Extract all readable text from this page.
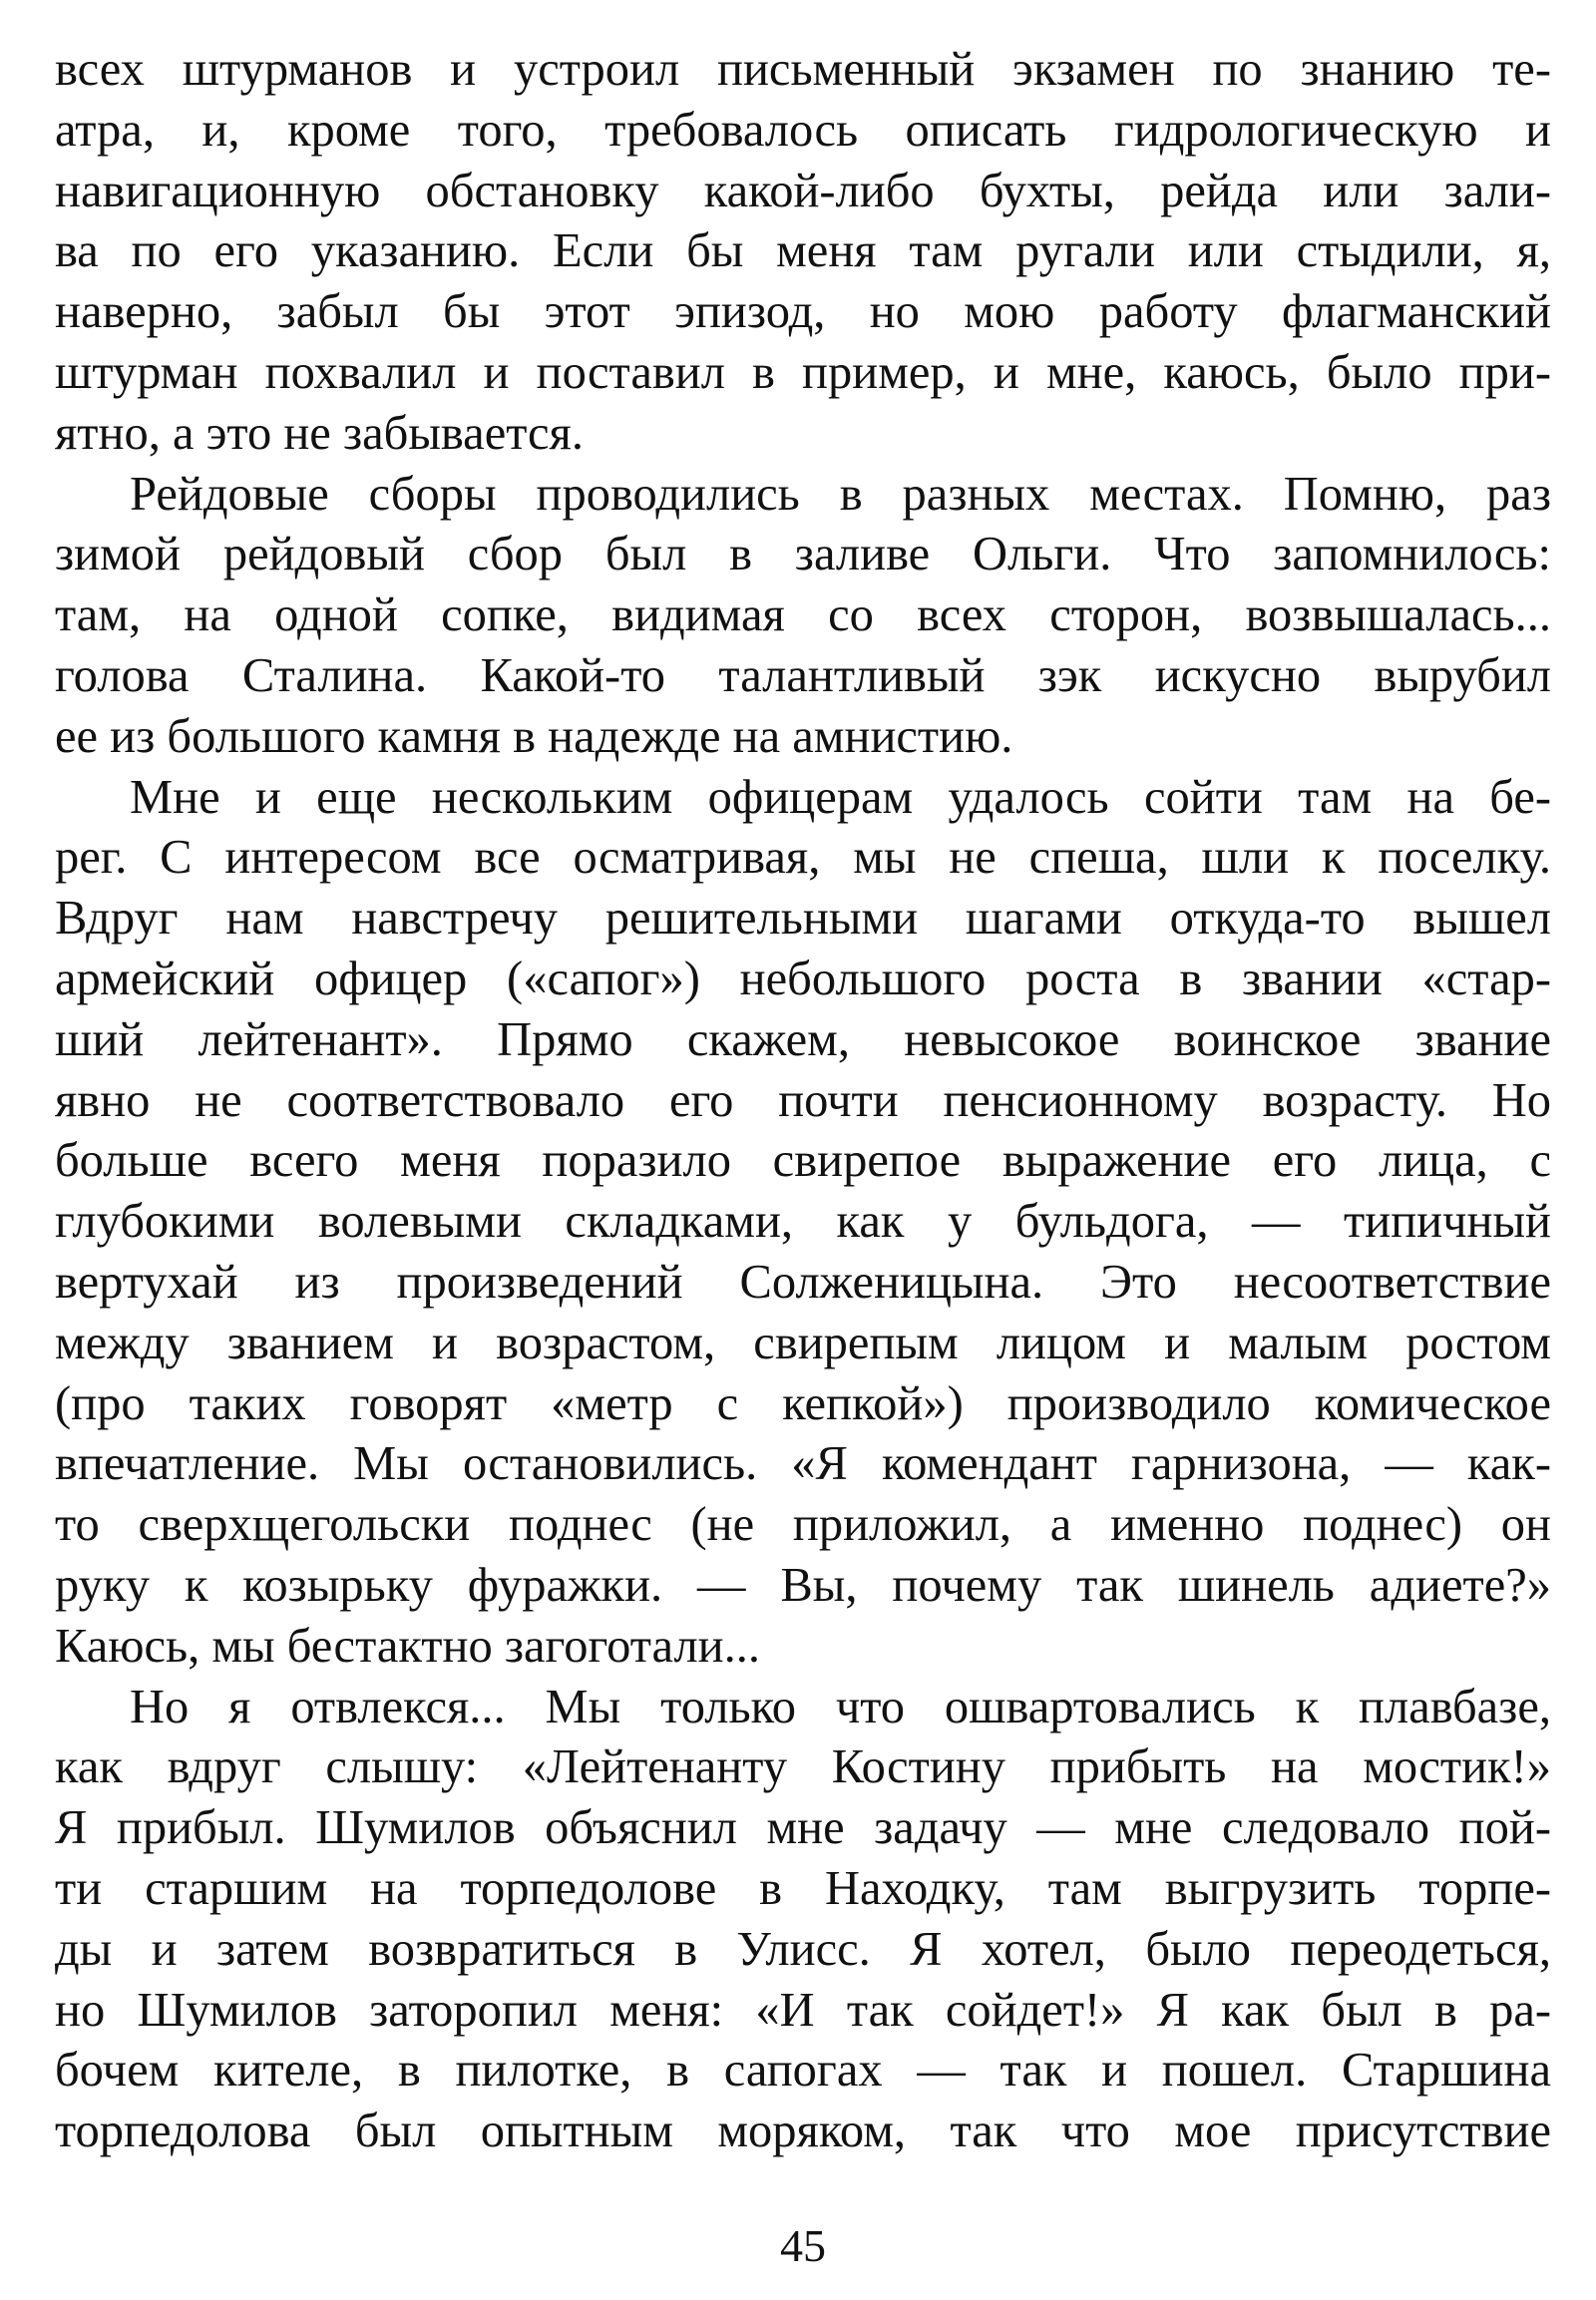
всех штурманов и устроил письменный экзамен по знанию те-
атра, и, кроме того, требовалось описать гидрологическую и
навигационную обстановку какой-либо бухты, рейда или зали-
ва по его указанию. Если бы меня там ругали или стыдили, я,
наверно, забыл бы этот эпизод, но мою работу флагманский
штурман похвалил и поставил в пример, и мне, каюсь, было при-
ятно, а это не забывается.

Рейдовые сборы проводились в разных местах. Помню, раз
зимой рейдовый сбор был в заливе Ольги. Что запомнилось:
там, на одной сопке, видимая со всех сторон, возвышалась...
голова Сталина. Какой-то талантливый зэк искусно вырубил
ее из большого камня в надежде на амнистию.

Мне и еще нескольким офицерам удалось сойти там на бе-
рег. С интересом все осматривая, мы не спеша, шли к поселку.
Вдруг нам навстречу решительными шагами откуда-то вышел
армейский офицер («сапог») небольшого роста в звании «стар-
ший лейтенант». Прямо скажем, невысокое воинское звание
явно не соответствовало его почти пенсионному возрасту. Но
больше всего меня поразило свирепое выражение его лица, с
глубокими волевыми складками, как у бульдога, — типичный
вертухай из произведений Солженицына. Это несоответствие
между званием и возрастом, свирепым лицом и малым ростом
(про таких говорят «метр с кепкой») производило комическое
впечатление. Мы остановились. «Я комендант гарнизона, — как-
то сверхщегольски поднес (не приложил, а именно поднес) он
руку к козырьку фуражки. — Вы, почему так шинель адиете?»
Каюсь, мы бестактно загоготали...

Но я отвлекся... Мы только что ошвартовались к плавбазе,
как вдруг слышу: «Лейтенанту Костину прибыть на мостик!»
Я прибыл. Шумилов объяснил мне задачу — мне следовало пой-
ти старшим на торпедолове в Находку, там выгрузить торпе-
ды и затем возвратиться в Улисс. Я хотел, было переодеться,
но Шумилов заторопил меня: «И так сойдет!» Я как был в ра-
бочем кителе, в пилотке, в сапогах — так и пошел. Старшина
торпедолова был опытным моряком, так что мое присутствие

45
